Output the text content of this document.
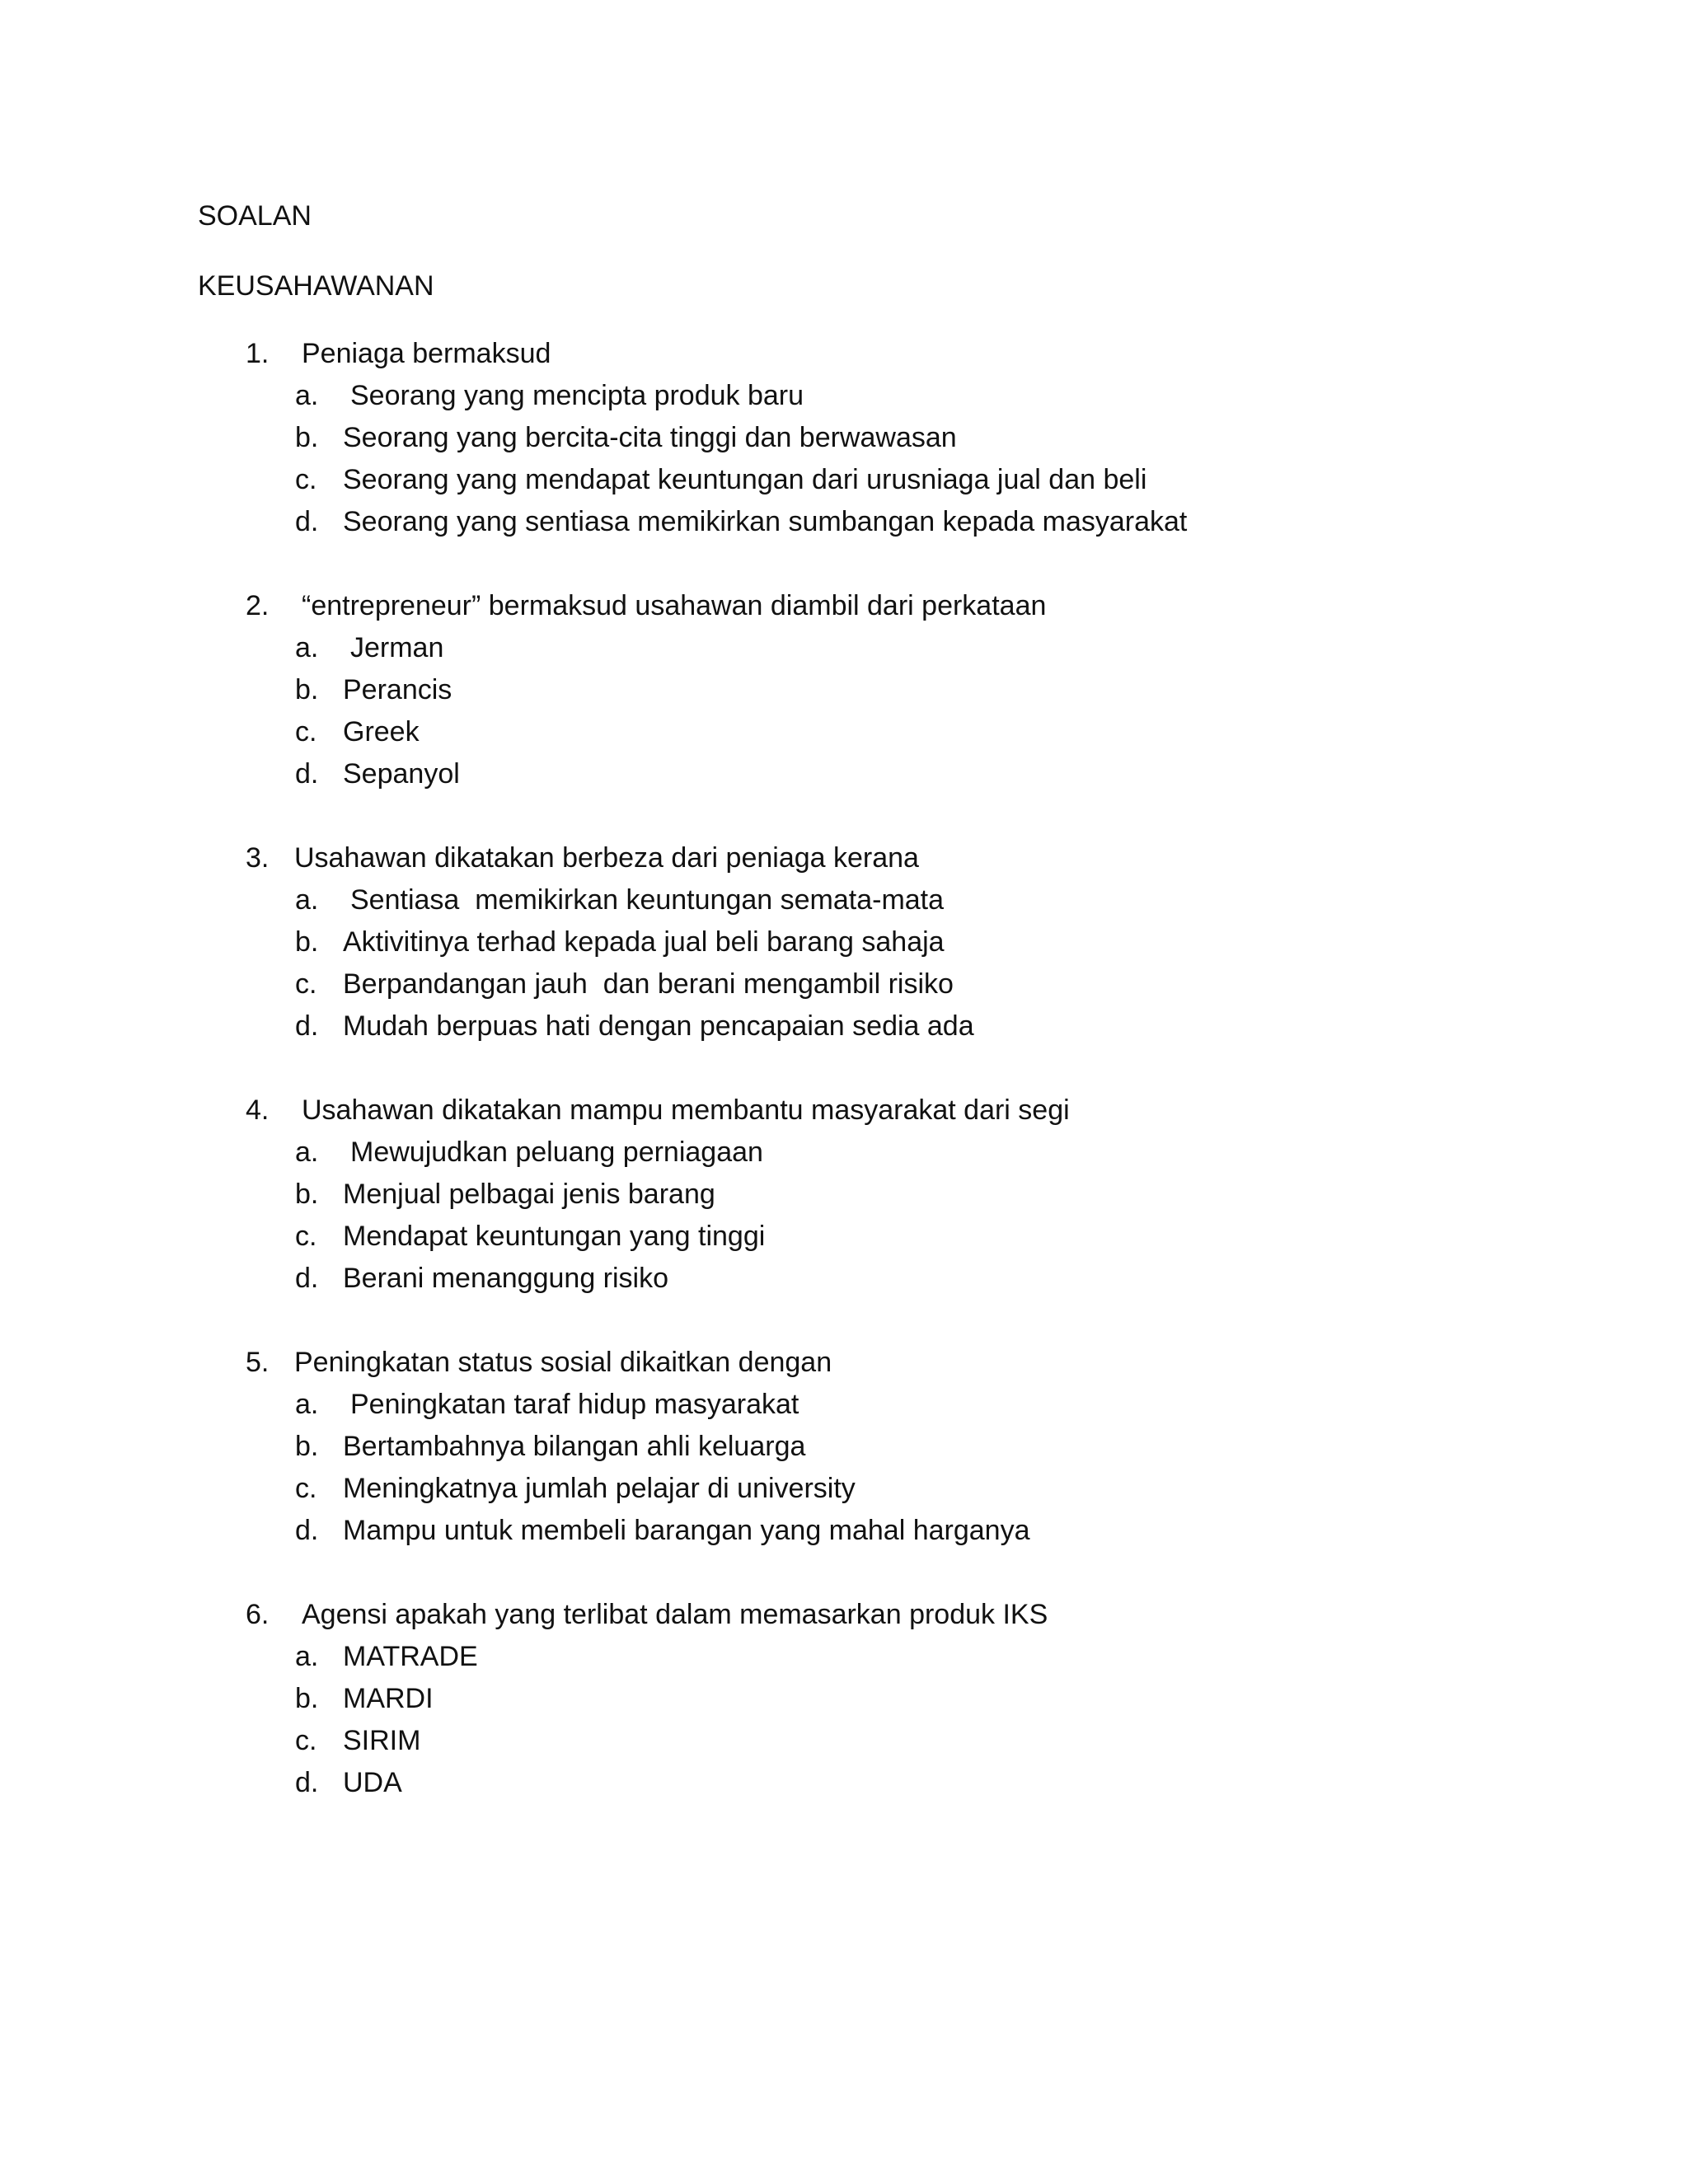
SOALAN
KEUSAHAWANAN
1. Peniaga bermaksud
a. Seorang yang mencipta produk baru
b. Seorang yang bercita-cita tinggi dan berwawasan
c. Seorang yang mendapat keuntungan dari urusniaga jual dan beli
d. Seorang yang sentiasa memikirkan sumbangan kepada masyarakat
2. “entrepreneur” bermaksud usahawan diambil dari perkataan
a. Jerman
b. Perancis
c. Greek
d. Sepanyol
3. Usahawan dikatakan berbeza dari peniaga kerana
a. Sentiasa  memikirkan keuntungan semata-mata
b. Aktivitinya terhad kepada jual beli barang sahaja
c. Berpandangan jauh  dan berani mengambil risiko
d. Mudah berpuas hati dengan pencapaian sedia ada
4. Usahawan dikatakan mampu membantu masyarakat dari segi
a. Mewujudkan peluang perniagaan
b. Menjual pelbagai jenis barang
c. Mendapat keuntungan yang tinggi
d. Berani menanggung risiko
5. Peningkatan status sosial dikaitkan dengan
a. Peningkatan taraf hidup masyarakat
b. Bertambahnya bilangan ahli keluarga
c. Meningkatnya jumlah pelajar di university
d. Mampu untuk membeli barangan yang mahal harganya
6. Agensi apakah yang terlibat dalam memasarkan produk IKS
a. MATRADE
b. MARDI
c. SIRIM
d. UDA
